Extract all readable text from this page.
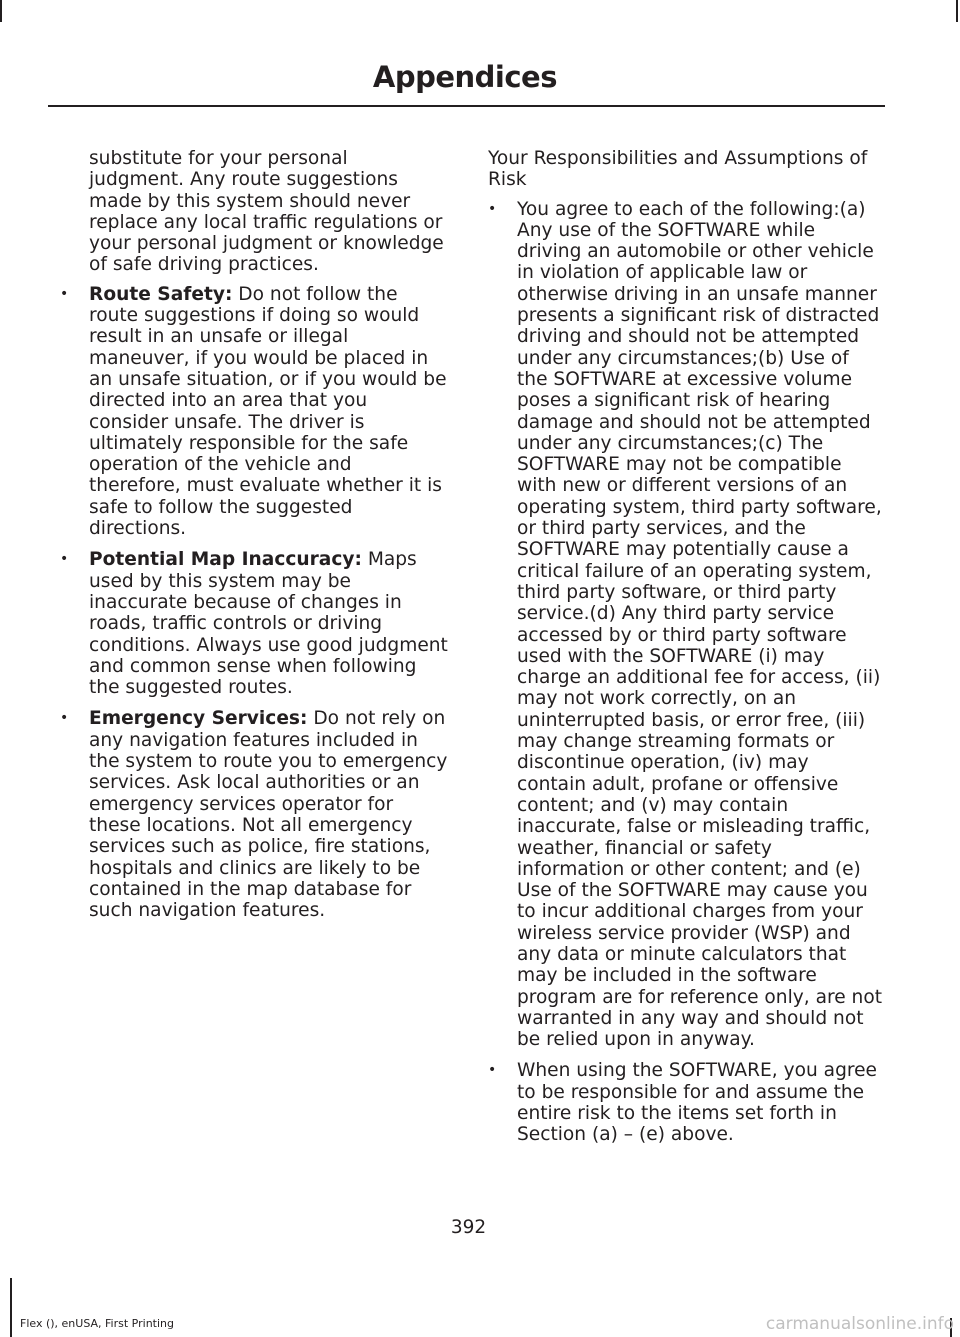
Appendices

substitute for your personal judgment. Any route suggestions made by this system should never replace any local traffic regulations or your personal judgment or knowledge of safe driving practices.

• Route Safety: Do not follow the route suggestions if doing so would result in an unsafe or illegal maneuver, if you would be placed in an unsafe situation, or if you would be directed into an area that you consider unsafe. The driver is ultimately responsible for the safe operation of the vehicle and therefore, must evaluate whether it is safe to follow the suggested directions.
• Potential Map Inaccuracy: Maps used by this system may be inaccurate because of changes in roads, traffic controls or driving conditions. Always use good judgment and common sense when following the suggested routes.
• Emergency Services: Do not rely on any navigation features included in the system to route you to emergency services. Ask local authorities or an emergency services operator for these locations. Not all emergency services such as police, fire stations, hospitals and clinics are likely to be contained in the map database for such navigation features.

Your Responsibilities and Assumptions of Risk

• You agree to each of the following:(a) Any use of the SOFTWARE while driving an automobile or other vehicle in violation of applicable law or otherwise driving in an unsafe manner presents a significant risk of distracted driving and should not be attempted under any circumstances;(b) Use of the SOFTWARE at excessive volume poses a significant risk of hearing damage and should not be attempted under any circumstances;(c) The SOFTWARE may not be compatible with new or different versions of an operating system, third party software, or third party services, and the SOFTWARE may potentially cause a critical failure of an operating system, third party software, or third party service.(d) Any third party service accessed by or third party software used with the SOFTWARE (i) may charge an additional fee for access, (ii) may not work correctly, on an uninterrupted basis, or error free, (iii) may change streaming formats or discontinue operation, (iv) may contain adult, profane or offensive content; and (v) may contain inaccurate, false or misleading traffic, weather, financial or safety information or other content; and (e) Use of the SOFTWARE may cause you to incur additional charges from your wireless service provider (WSP) and any data or minute calculators that may be included in the software program are for reference only, are not warranted in any way and should not be relied upon in anyway.
• When using the SOFTWARE, you agree to be responsible for and assume the entire risk to the items set forth in Section (a) – (e) above.
392
Flex (), enUSA, First Printing	carmanualsonline.info
